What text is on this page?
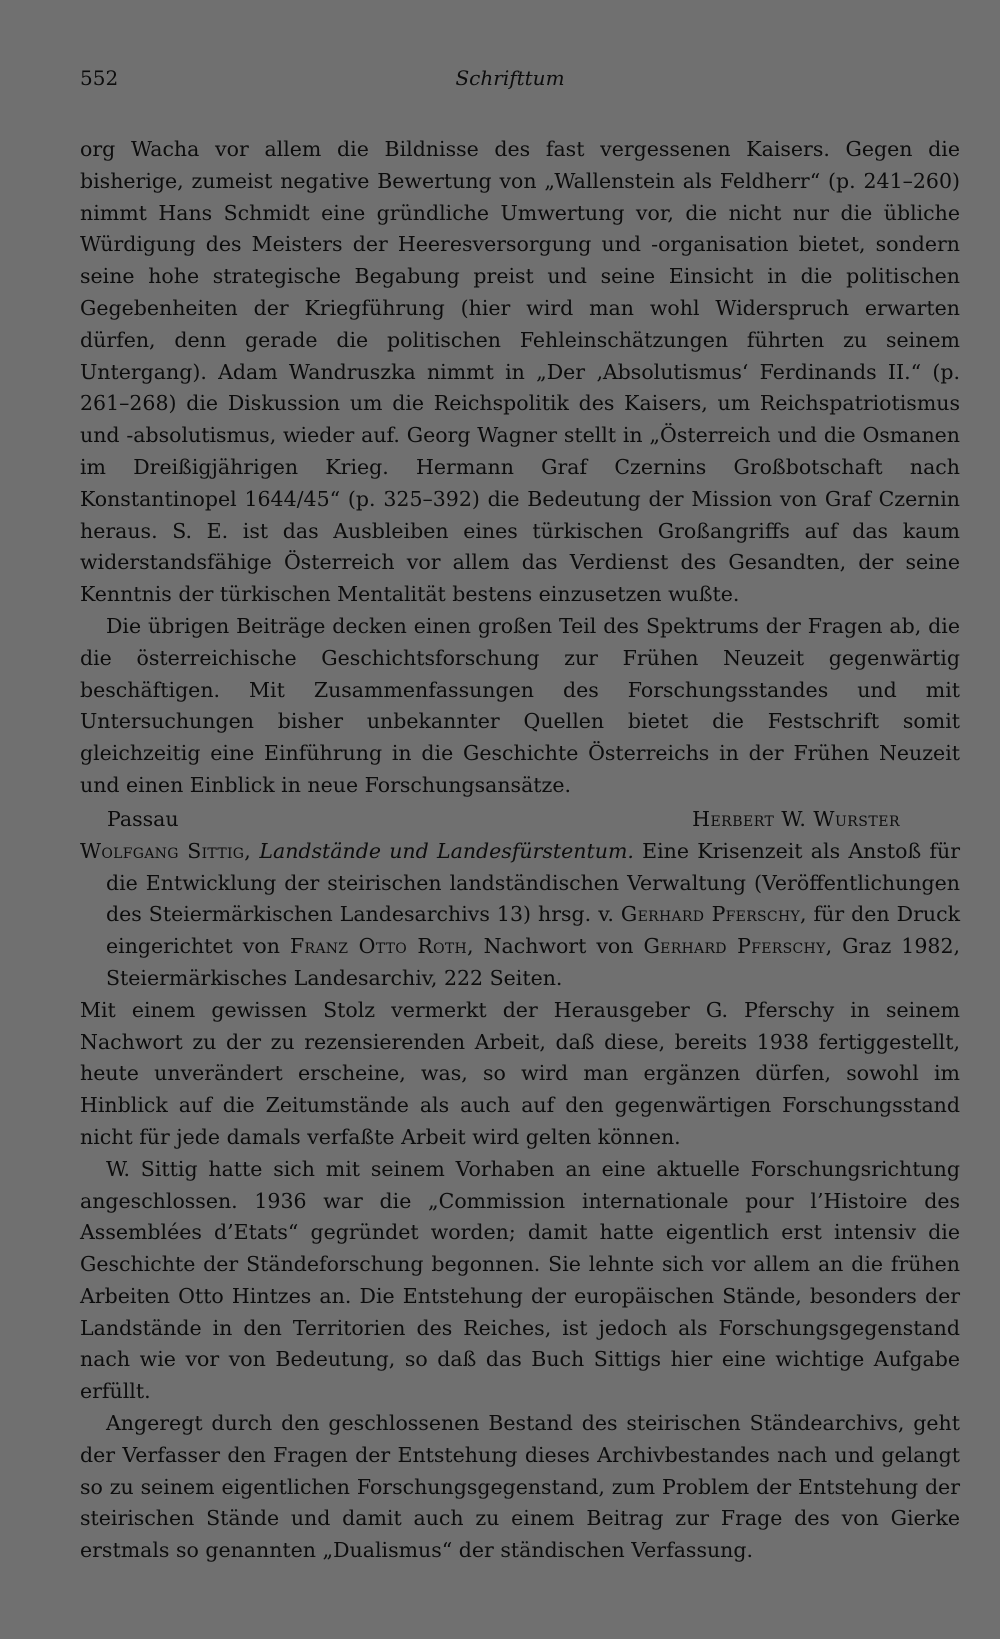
552	Schrifttum

org Wacha vor allem die Bildnisse des fast vergessenen Kaisers. Gegen die bisherige, zumeist negative Bewertung von „Wallenstein als Feldherr“ (p. 241–260) nimmt Hans Schmidt eine gründliche Umwertung vor, die nicht nur die übliche Würdigung des Meisters der Heeresversorgung und -organisation bietet, sondern seine hohe strategische Begabung preist und seine Einsicht in die politischen Gegebenheiten der Kriegführung (hier wird man wohl Widerspruch erwarten dürfen, denn gerade die politischen Fehleinschätzungen führten zu seinem Untergang). Adam Wandruszka nimmt in „Der ‚Absolutismus‘ Ferdinands II.“ (p. 261–268) die Diskussion um die Reichspolitik des Kaisers, um Reichspatriotismus und -absolutismus, wieder auf. Georg Wagner stellt in „Österreich und die Osmanen im Dreißigjährigen Krieg. Hermann Graf Czernins Großbotschaft nach Konstantinopel 1644/45“ (p. 325–392) die Bedeutung der Mission von Graf Czernin heraus. S. E. ist das Ausbleiben eines türkischen Großangriffs auf das kaum widerstandsfähige Österreich vor allem das Verdienst des Gesandten, der seine Kenntnis der türkischen Mentalität bestens einzusetzen wußte.

Die übrigen Beiträge decken einen großen Teil des Spektrums der Fragen ab, die die österreichische Geschichtsforschung zur Frühen Neuzeit gegenwärtig beschäftigen. Mit Zusammenfassungen des Forschungsstandes und mit Untersuchungen bisher unbekannter Quellen bietet die Festschrift somit gleichzeitig eine Einführung in die Geschichte Österreichs in der Frühen Neuzeit und einen Einblick in neue Forschungsansätze.

Passau	Herbert W. Wurster

Wolfgang Sittig, Landstände und Landesfürstentum. Eine Krisenzeit als Anstoß für die Entwicklung der steirischen landständischen Verwaltung (Veröffentlichungen des Steiermärkischen Landesarchivs 13) hrsg. v. Gerhard Pferschy, für den Druck eingerichtet von Franz Otto Roth, Nachwort von Gerhard Pferschy, Graz 1982, Steiermärkisches Landesarchiv, 222 Seiten.

Mit einem gewissen Stolz vermerkt der Herausgeber G. Pferschy in seinem Nachwort zu der zu rezensierenden Arbeit, daß diese, bereits 1938 fertiggestellt, heute unverändert erscheine, was, so wird man ergänzen dürfen, sowohl im Hinblick auf die Zeitumstände als auch auf den gegenwärtigen Forschungsstand nicht für jede damals verfaßte Arbeit wird gelten können.

W. Sittig hatte sich mit seinem Vorhaben an eine aktuelle Forschungsrichtung angeschlossen. 1936 war die „Commission internationale pour l’Histoire des Assemblées d’Etats“ gegründet worden; damit hatte eigentlich erst intensiv die Geschichte der Ständeforschung begonnen. Sie lehnte sich vor allem an die frühen Arbeiten Otto Hintzes an. Die Entstehung der europäischen Stände, besonders der Landstände in den Territorien des Reiches, ist jedoch als Forschungsgegenstand nach wie vor von Bedeutung, so daß das Buch Sittigs hier eine wichtige Aufgabe erfüllt.

Angeregt durch den geschlossenen Bestand des steirischen Ständearchivs, geht der Verfasser den Fragen der Entstehung dieses Archivbestandes nach und gelangt so zu seinem eigentlichen Forschungsgegenstand, zum Problem der Entstehung der steirischen Stände und damit auch zu einem Beitrag zur Frage des von Gierke erstmals so genannten „Dualismus“ der ständischen Verfassung.
